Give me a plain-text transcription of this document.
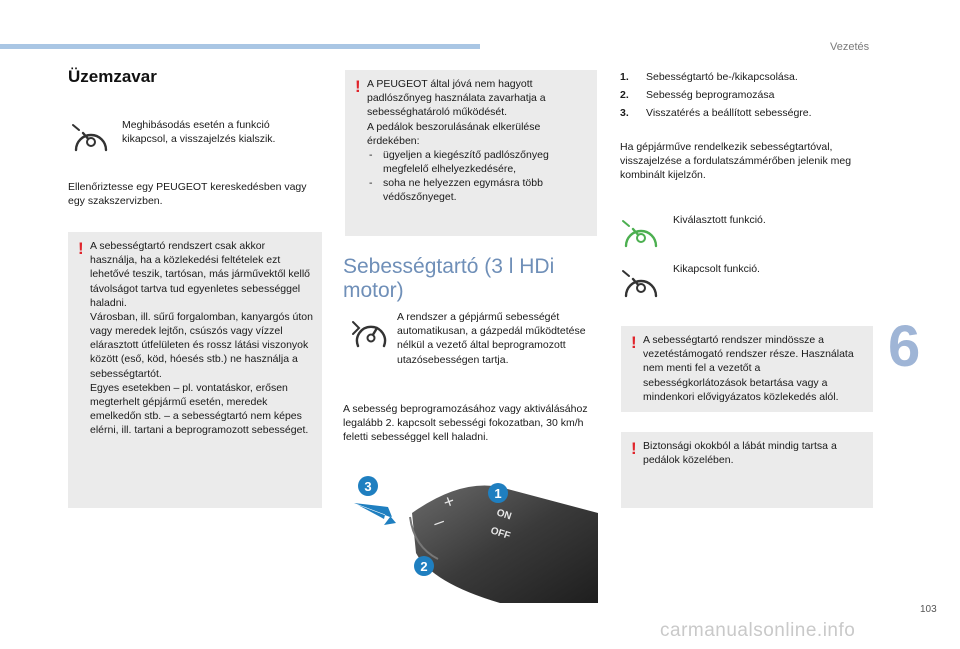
Vezetés
6
103
carmanualsonline.info
Üzemzavar

Meghibásodás esetén a funkció kikapcsol, a visszajelzés kialszik.

Ellenőriztesse egy PEUGEOT kereskedésben vagy egy szakszervizben.

! A sebességtartó rendszert csak akkor használja, ha a közlekedési feltételek ezt lehetővé teszik, tartósan, más járművektől kellő távolságot tartva tud egyenletes sebességgel haladni.
Városban, ill. sűrű forgalomban, kanyargós úton vagy meredek lejtőn, csúszós vagy vízzel elárasztott útfelületen és rossz látási viszonyok között (eső, köd, hóesés stb.) ne használja a sebességtartót.
Egyes esetekben – pl. vontatáskor, erősen megterhelt gépjármű esetén, meredek emelkedőn stb. – a sebességtartó nem képes elérni, ill. tartani a beprogramozott sebességet.
! A PEUGEOT által jóvá nem hagyott padlószőnyeg használata zavarhatja a sebességhatároló működését.
A pedálok beszorulásának elkerülése érdekében:
- ügyeljen a kiegészítő padlószőnyeg megfelelő elhelyezkedésére,
- soha ne helyezzen egymásra több védőszőnyeget.
Sebességtartó (3 l HDi motor)

A rendszer a gépjármű sebességét automatikusan, a gázpedál működtetése nélkül a vezető által beprogramozott utazósebességen tartja.

A sebesség beprogramozásához vagy aktiválásához legalább 2. kapcsolt sebességi fokozatban, 30 km/h feletti sebességgel kell haladni.

+
–	ON
OFF
3	1
2
1.	Sebességtartó be-/kikapcsolása.
2.	Sebesség beprogramozása
3.	Visszatérés a beállított sebességre.

Ha gépjárműve rendelkezik sebességtartóval, visszajelzése a fordulatszámmérőben jelenik meg kombinált kijelzőn.

Kiválasztott funkció.

Kikapcsolt funkció.

! A sebességtartó rendszer mindössze a vezetéstámogató rendszer része. Használata nem menti fel a vezetőt a sebességkorlátozások betartása vagy a mindenkori elővigyázatos közlekedés alól.
! Biztonsági okokból a lábát mindig tartsa a pedálok közelében.
